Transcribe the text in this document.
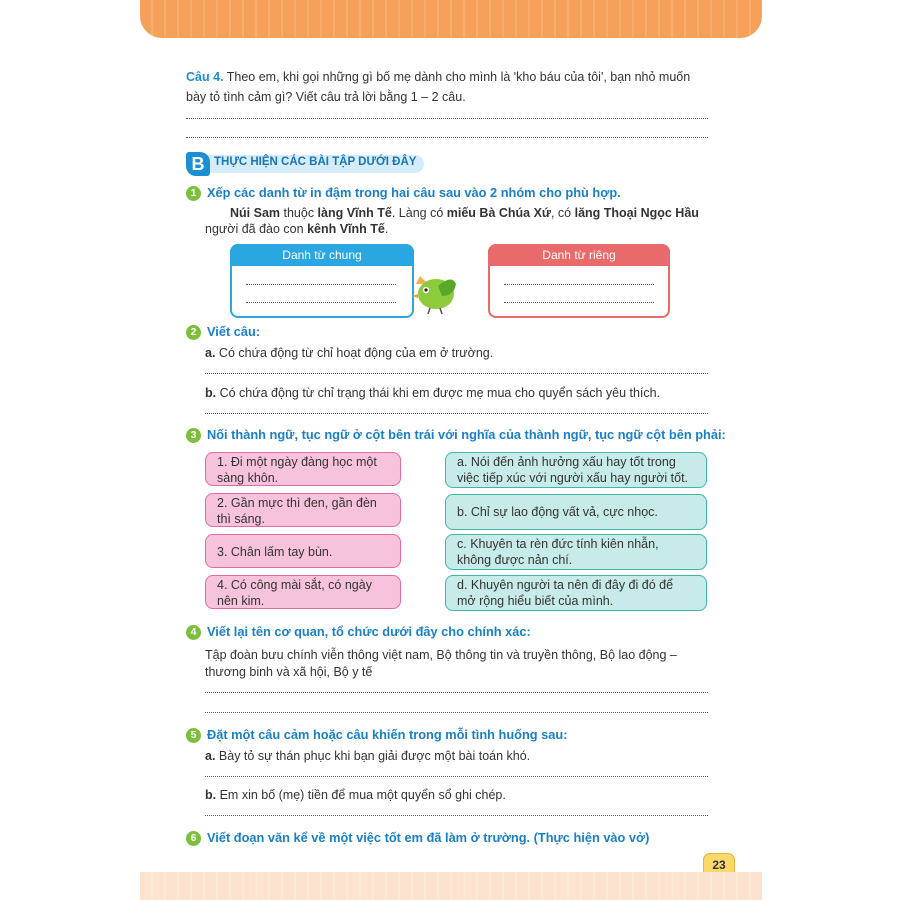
Câu 4. Theo em, khi gọi những gì bố mẹ dành cho mình là 'kho báu của tôi', bạn nhỏ muốn
bày tỏ tình cảm gì? Viết câu trả lời bằng 1 – 2 câu.
B THỰC HIỆN CÁC BÀI TẬP DƯỚI ĐÂY
1 Xếp các danh từ in đậm trong hai câu sau vào 2 nhóm cho phù hợp.
Núi Sam thuộc làng Vĩnh Tế. Làng có miếu Bà Chúa Xứ, có lăng Thoại Ngọc Hầu
người đã đào con kênh Vĩnh Tế.
Danh từ chung	Danh từ riêng
2 Viết câu:
a. Có chứa động từ chỉ hoạt động của em ở trường.
b. Có chứa động từ chỉ trạng thái khi em được mẹ mua cho quyển sách yêu thích.
3 Nối thành ngữ, tục ngữ ở cột bên trái với nghĩa của thành ngữ, tục ngữ cột bên phải:
1. Đi một ngày đàng học một
sàng khôn.
2. Gần mực thì đen, gần đèn
thì sáng.
3. Chân lấm tay bùn.
4. Có công mài sắt, có ngày
nên kim.
a. Nói đến ảnh hưởng xấu hay tốt trong
việc tiếp xúc với người xấu hay người tốt.
b. Chỉ sự lao động vất vả, cực nhọc.
c. Khuyên ta rèn đức tính kiên nhẫn,
không được nản chí.
d. Khuyên người ta nên đi đây đi đó để
mở rộng hiểu biết của mình.
4 Viết lại tên cơ quan, tổ chức dưới đây cho chính xác:
Tập đoàn bưu chính viễn thông việt nam, Bộ thông tin và truyền thông, Bộ lao động –
thương binh và xã hội, Bộ y tế
5 Đặt một câu cảm hoặc câu khiến trong mỗi tình huống sau:
a. Bày tỏ sự thán phục khi bạn giải được một bài toán khó.
b. Em xin bố (mẹ) tiền để mua một quyển sổ ghi chép.
6 Viết đoạn văn kể về một việc tốt em đã làm ở trường. (Thực hiện vào vở)
23
